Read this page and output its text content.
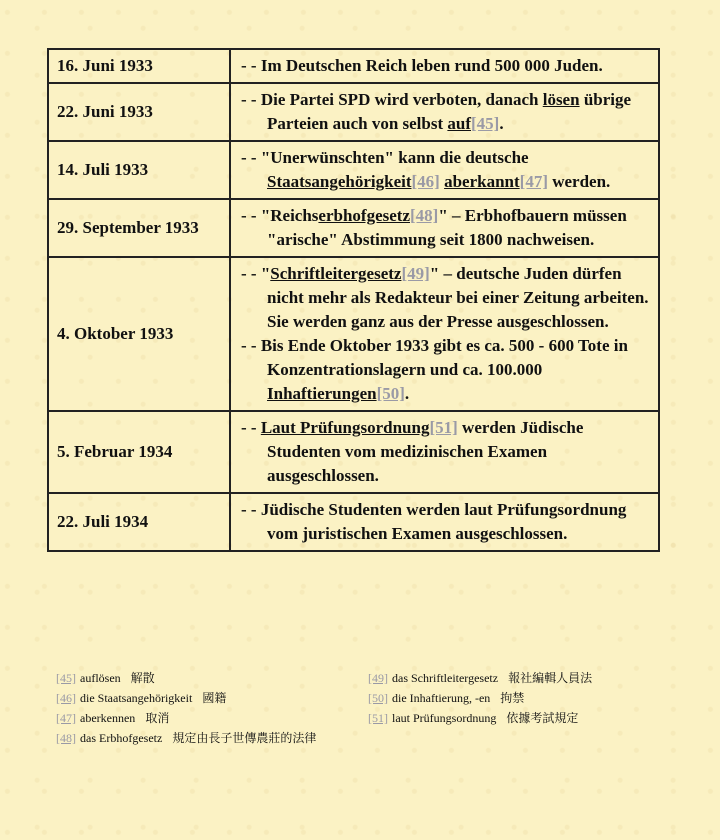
16. Juni 1933	- - Im Deutschen Reich leben rund 500 000 Juden.

22. Juni 1933	- - Die Partei SPD wird verboten, danach lösen übrige Parteien auch von selbst auf[45].

14. Juli 1933	- - "Unerwünschten" kann die deutsche Staatsangehörigkeit[46] aberkannt[47] werden.

29. September 1933	- - "Reichserbhofgesetz[48]" – Erbhofbauern müssen "arische" Abstimmung seit 1800 nachweisen.

4. Oktober 1933	- - "Schriftleitergesetz[49]" – deutsche Juden dürfen nicht mehr als Redakteur bei einer Zeitung arbeiten. Sie werden ganz aus der Presse ausgeschlossen.

- - Bis Ende Oktober 1933 gibt es ca. 500 - 600 Tote in Konzentrationslagern und ca. 100.000 Inhaftierungen[50].

5. Februar 1934	- - Laut Prüfungsordnung[51] werden Jüdische Studenten vom medizinischen Examen ausgeschlossen.

22. Juli 1934	- - Jüdische Studenten werden laut Prüfungsordnung vom juristischen Examen ausgeschlossen.

[45] auflösen 解散
[46] die Staatsangehörigkeit 國籍
[47] aberkennen 取消
[48] das Erbhofgesetz 規定由長子世傳農莊的法律
[49] das Schriftleitergesetz 報社編輯人員法
[50] die Inhaftierung, -en 拘禁
[51] laut Prüfungsordnung 依據考試規定
